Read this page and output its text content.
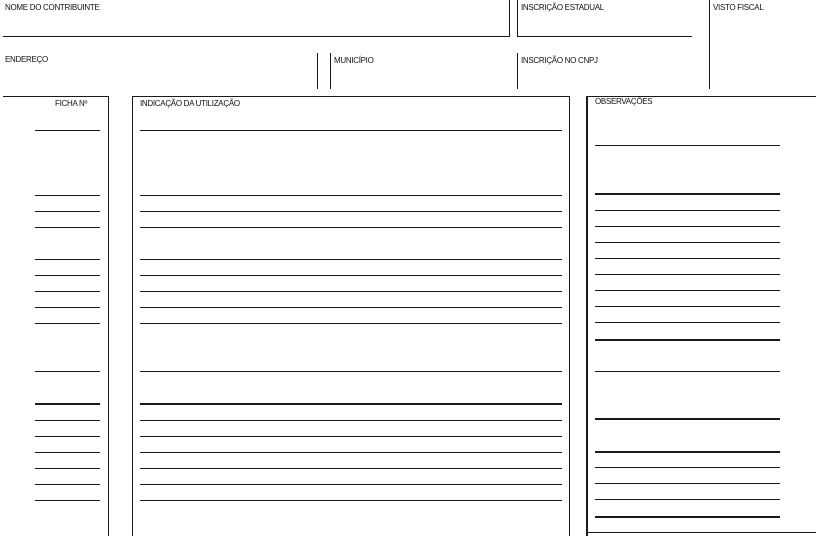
NOME DO CONTRIBUINTE	INSCRIÇÃO ESTADUAL	VISTO FISCAL
ENDEREÇO	MUNICÍPIO	INSCRIÇÃO NO CNPJ
FICHA Nº	INDICAÇÃO DA UTILIZAÇÃO	OBSERVAÇÕES
